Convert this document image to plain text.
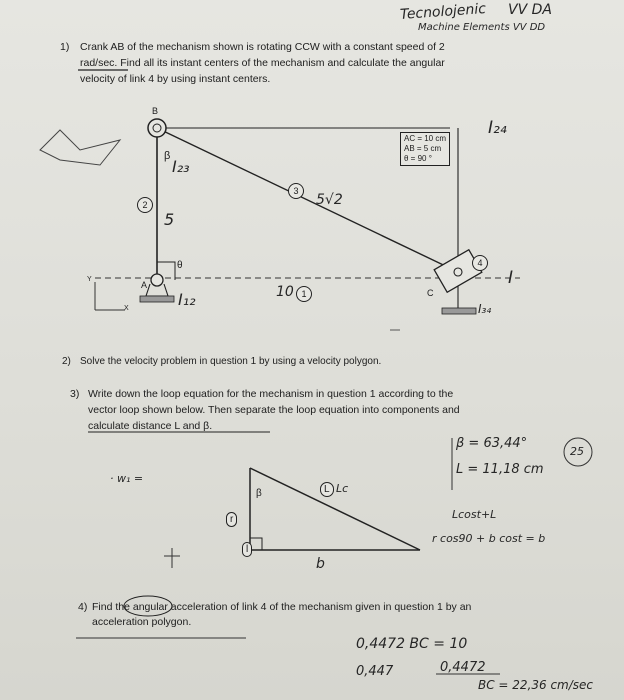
Tecnolojenic VV DA
Machine Elements VV DD
1) Crank AB of the mechanism shown is rotating CCW with a constant speed of 2
rad/sec. Find all its instant centers of the mechanism and calculate the angular
velocity of link 4 by using instant centers.
B
β
A
C
θ
2
3
4
1
AC = 10 cm
AB = 5 cm
θ = 90 °
I₂₄
I₂₃
I₁₂	I₃₄
I
5√2
5
10
Y
X
2) Solve the velocity problem in question 1 by using a velocity polygon.
3) Write down the loop equation for the mechanism in question 1 according to the
vector loop shown below. Then separate the loop equation into components and
calculate distance L and β.
β
r
L
l
b
β = 63,44°
L = 11,18 cm
25
· w₁ =
Lcost+L
r cos90 + b cost = b
Lc
4) Find the angular acceleration of link 4 of the mechanism given in question 1 by an
acceleration polygon.
0,4472 BC = 10
0,4472
BC = 22,36 cm/sec
0,447
